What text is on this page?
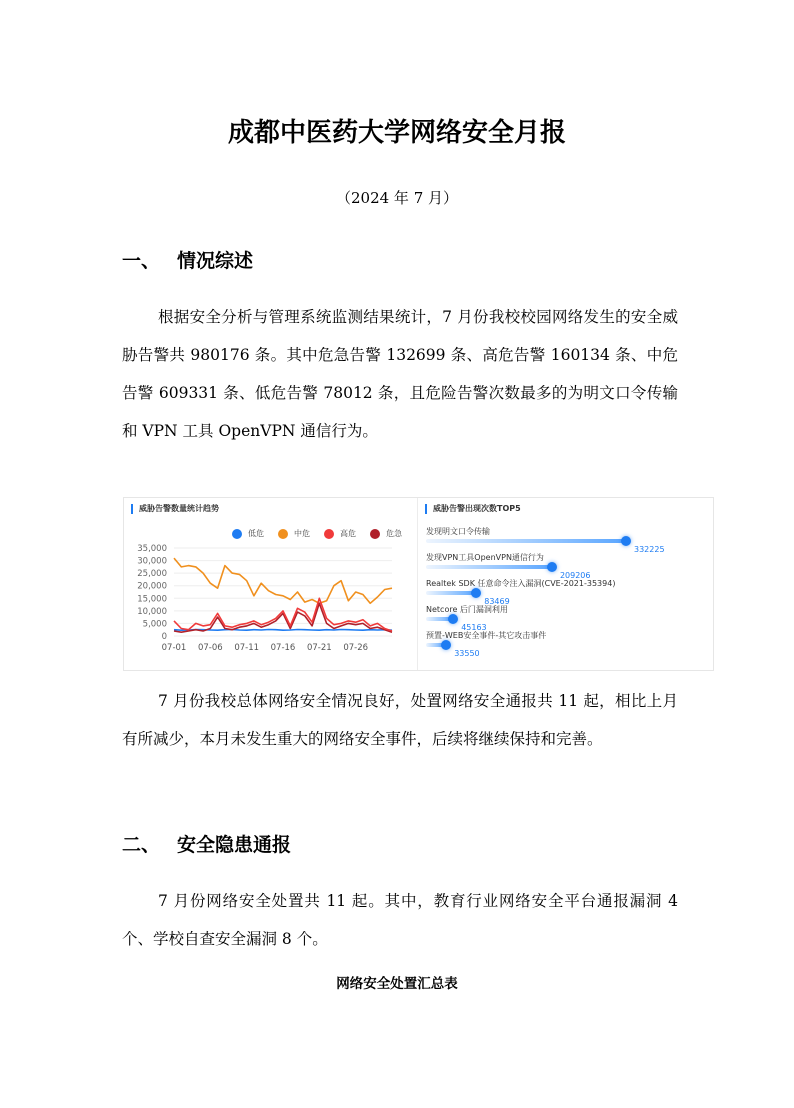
成都中医药大学网络安全月报
（2024 年 7 月）
一、 情况综述

根据安全分析与管理系统监测结果统计，7 月份我校校园网络发生的安全威胁告警共 980176 条。其中危急告警 132699 条、高危告警 160134 条、中危告警 609331 条、低危告警 78012 条，且危险告警次数最多的为明文口令传输和 VPN 工具 OpenVPN 通信行为。

威胁告警数量统计趋势
低危	中危	高危	危急
0
5,000
10,000
15,000
20,000
25,000
30,000
35,000
07-01 07-06 07-11 07-16 07-21 07-26
威胁告警出现次数TOP5
发现明文口令传输
332225
发现VPN工具OpenVPN通信行为
209206
Realtek SDK 任意命令注入漏洞(CVE-2021-35394)
83469
Netcore 后门漏洞利用
45163
预置-WEB安全事件-其它攻击事件
33550

7 月份我校总体网络安全情况良好，处置网络安全通报共 11 起，相比上月有所减少，本月未发生重大的网络安全事件，后续将继续保持和完善。

二、 安全隐患通报

7 月份网络安全处置共 11 起。其中，教育行业网络安全平台通报漏洞 4 个、学校自查安全漏洞 8 个。

网络安全处置汇总表
